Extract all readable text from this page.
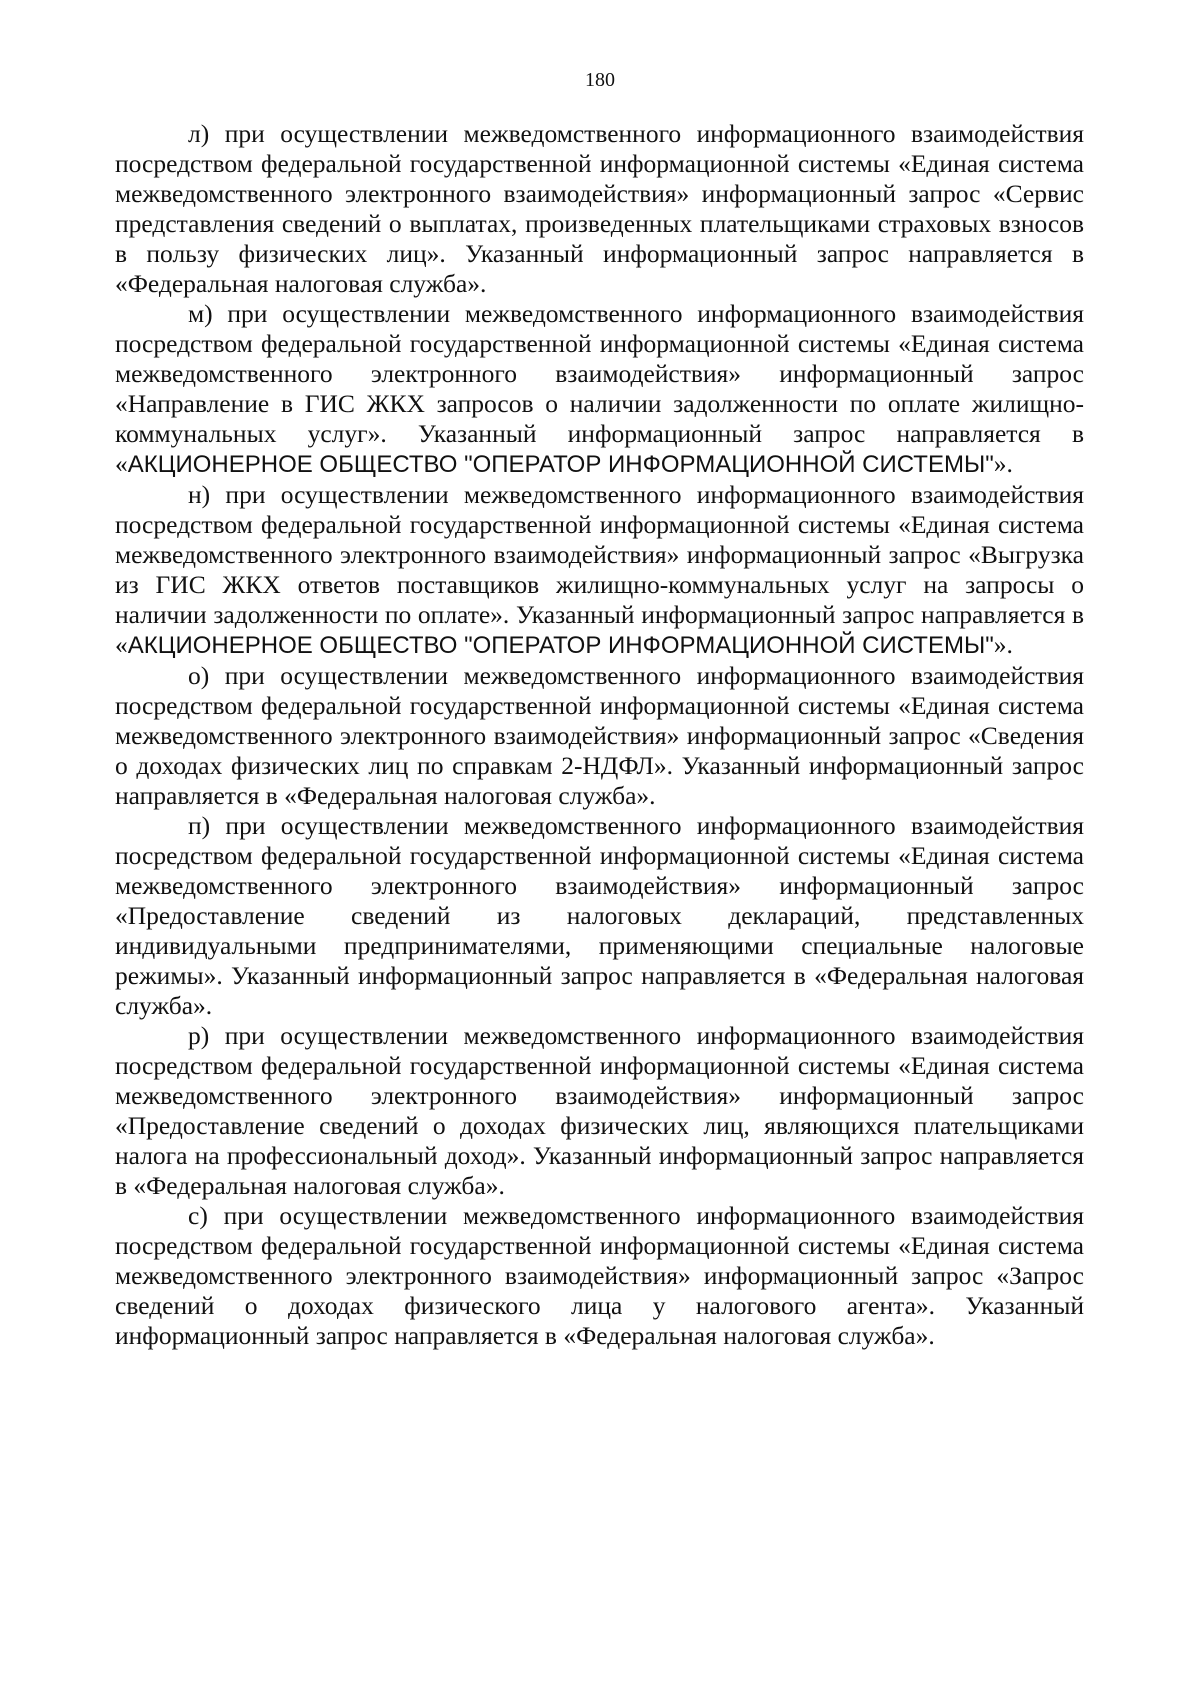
180

л) при осуществлении межведомственного информационного взаимодействия посредством федеральной государственной информационной системы «Единая система межведомственного электронного взаимодействия» информационный запрос «Сервис представления сведений о выплатах, произведенных плательщиками страховых взносов в пользу физических лиц». Указанный информационный запрос направляется в «Федеральная налоговая служба».

м) при осуществлении межведомственного информационного взаимодействия посредством федеральной государственной информационной системы «Единая система межведомственного электронного взаимодействия» информационный запрос «Направление в ГИС ЖКХ запросов о наличии задолженности по оплате жилищно-коммунальных услуг». Указанный информационный запрос направляется в «АКЦИОНЕРНОЕ ОБЩЕСТВО "ОПЕРАТОР ИНФОРМАЦИОННОЙ СИСТЕМЫ"».

н) при осуществлении межведомственного информационного взаимодействия посредством федеральной государственной информационной системы «Единая система межведомственного электронного взаимодействия» информационный запрос «Выгрузка из ГИС ЖКХ ответов поставщиков жилищно-коммунальных услуг на запросы о наличии задолженности по оплате». Указанный информационный запрос направляется в «АКЦИОНЕРНОЕ ОБЩЕСТВО "ОПЕРАТОР ИНФОРМАЦИОННОЙ СИСТЕМЫ"».

о) при осуществлении межведомственного информационного взаимодействия посредством федеральной государственной информационной системы «Единая система межведомственного электронного взаимодействия» информационный запрос «Сведения о доходах физических лиц по справкам 2-НДФЛ». Указанный информационный запрос направляется в «Федеральная налоговая служба».

п) при осуществлении межведомственного информационного взаимодействия посредством федеральной государственной информационной системы «Единая система межведомственного электронного взаимодействия» информационный запрос «Предоставление сведений из налоговых деклараций, представленных индивидуальными предпринимателями, применяющими специальные налоговые режимы». Указанный информационный запрос направляется в «Федеральная налоговая служба».

р) при осуществлении межведомственного информационного взаимодействия посредством федеральной государственной информационной системы «Единая система межведомственного электронного взаимодействия» информационный запрос «Предоставление сведений о доходах физических лиц, являющихся плательщиками налога на профессиональный доход». Указанный информационный запрос направляется в «Федеральная налоговая служба».

с) при осуществлении межведомственного информационного взаимодействия посредством федеральной государственной информационной системы «Единая система межведомственного электронного взаимодействия» информационный запрос «Запрос сведений о доходах физического лица у налогового агента». Указанный информационный запрос направляется в «Федеральная налоговая служба».
